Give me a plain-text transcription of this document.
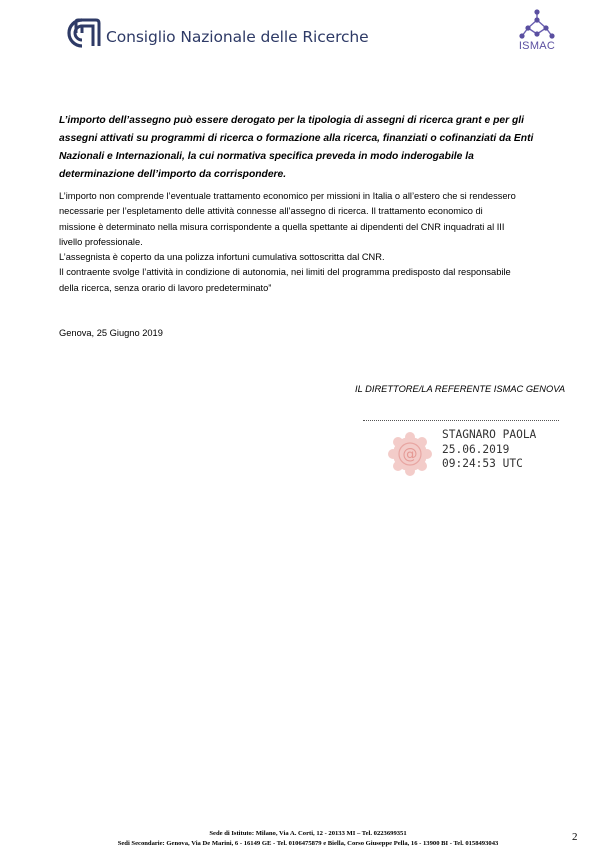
Consiglio Nazionale delle Ricerche	ISMAC
L’importo dell’assegno può essere derogato per la tipologia di assegni di ricerca grant e per gli
assegni attivati su programmi di ricerca o formazione alla ricerca, finanziati o cofinanziati da Enti
Nazionali e Internazionali, la cui normativa specifica preveda in modo inderogabile la
determinazione dell’importo da corrispondere.
L’importo non comprende l’eventuale trattamento economico per missioni in Italia o all’estero che si rendessero
necessarie per l’espletamento delle attività connesse all’assegno di ricerca. Il trattamento economico di
missione è determinato nella misura corrispondente a quella spettante ai dipendenti del CNR inquadrati al III
livello professionale.
L’assegnista è coperto da una polizza infortuni cumulativa sottoscritta dal CNR.
Il contraente svolge l’attività in condizione di autonomia, nei limiti del programma predisposto dal responsabile
della ricerca, senza orario di lavoro predeterminato”
Genova, 25 Giugno 2019
IL DIRETTORE/LA REFERENTE ISMAC GENOVA
@
STAGNARO PAOLA
25.06.2019
09:24:53 UTC
Sede di Istituto: Milano, Via A. Corti, 12 - 20133 MI – Tel. 0223699351
Sedi Secondarie: Genova, Via De Marini, 6 - 16149 GE - Tel. 0106475879 e Biella, Corso Giuseppe Pella, 16 - 13900 BI - Tel. 0158493043	2
